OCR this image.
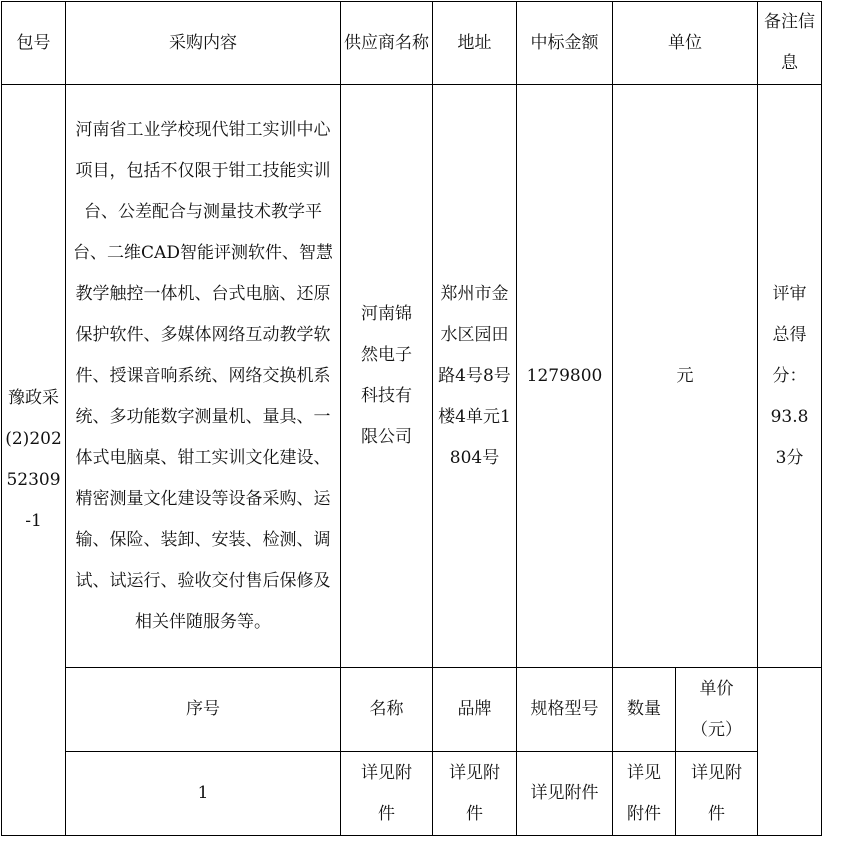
包号	采购内容	供应商名称	地址	中标金额	单位		备注信息
豫政采(2)20252309-1	河南省工业学校现代钳工实训中心项目，包括不仅限于钳工技能实训台、公差配合与测量技术教学平台、二维CAD智能评测软件、智慧教学触控一体机、台式电脑、还原保护软件、多媒体网络互动教学软件、授课音响系统、网络交换机系统、多功能数字测量机、量具、一体式电脑桌、钳工实训文化建设、精密测量文化建设等设备采购、运输、保险、装卸、安装、检测、调试、试运行、验收交付售后保修及相关伴随服务等。	河南锦然电子科技有限公司	郑州市金水区园田路4号8号楼4单元1804号	1279800	元		评审总得分：93.83分
	序号	名称	品牌	规格型号	数量	单价（元）	
	1	详见附件	详见附件	详见附件	详见附件	详见附件	
